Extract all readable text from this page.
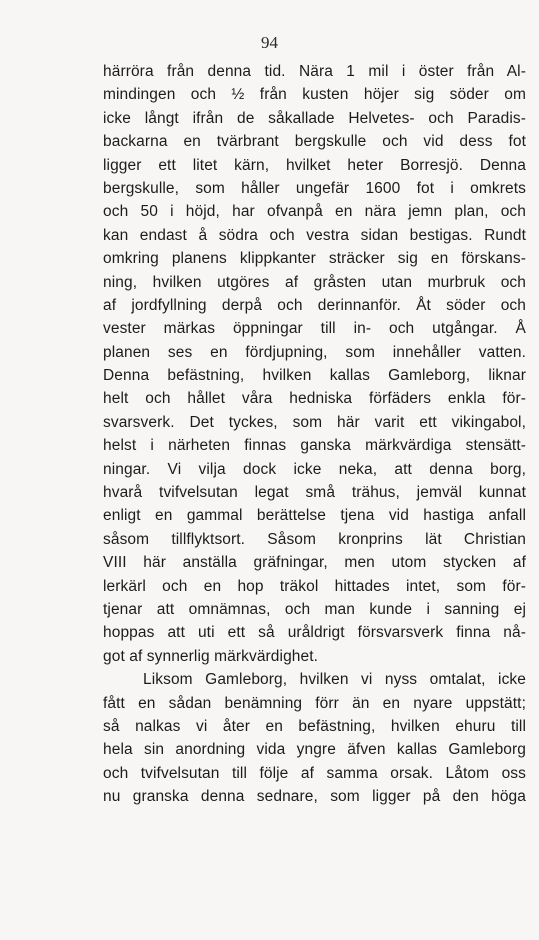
94
härröra från denna tid. Nära 1 mil i öster från Al-
mindingen och ½ från kusten höjer sig söder om
icke långt ifrån de såkallade Helvetes- och Paradis-
backarna en tvärbrant bergskulle och vid dess fot
ligger ett litet kärn, hvilket heter Borresjö. Denna
bergskulle, som håller ungefär 1600 fot i omkrets
och 50 i höjd, har ofvanpå en nära jemn plan, och
kan endast å södra och vestra sidan bestigas. Rundt
omkring planens klippkanter sträcker sig en förskans-
ning, hvilken utgöres af gråsten utan murbruk och
af jordfyllning derpå och derinnanför. Åt söder och
vester märkas öppningar till in- och utgångar. Å
planen ses en fördjupning, som innehåller vatten.
Denna befästning, hvilken kallas Gamleborg, liknar
helt och hållet våra hedniska förfäders enkla för-
svarsverk. Det tyckes, som här varit ett vikingabol,
helst i närheten finnas ganska märkvärdiga stensätt-
ningar. Vi vilja dock icke neka, att denna borg,
hvarå tvifvelsutan legat små trähus, jemväl kunnat
enligt en gammal berättelse tjena vid hastiga anfall
såsom tillflyktsort. Såsom kronprins lät Christian
VIII här anställa gräfningar, men utom stycken af
lerkärl och en hop träkol hittades intet, som för-
tjenar att omnämnas, och man kunde i sanning ej
hoppas att uti ett så uråldrigt försvarsverk finna nå-
got af synnerlig märkvärdighet.
Liksom Gamleborg, hvilken vi nyss omtalat, icke
fått en sådan benämning förr än en nyare uppstätt;
så nalkas vi åter en befästning, hvilken ehuru till
hela sin anordning vida yngre äfven kallas Gamleborg
och tvifvelsutan till följe af samma orsak. Låtom oss
nu granska denna sednare, som ligger på den höga
